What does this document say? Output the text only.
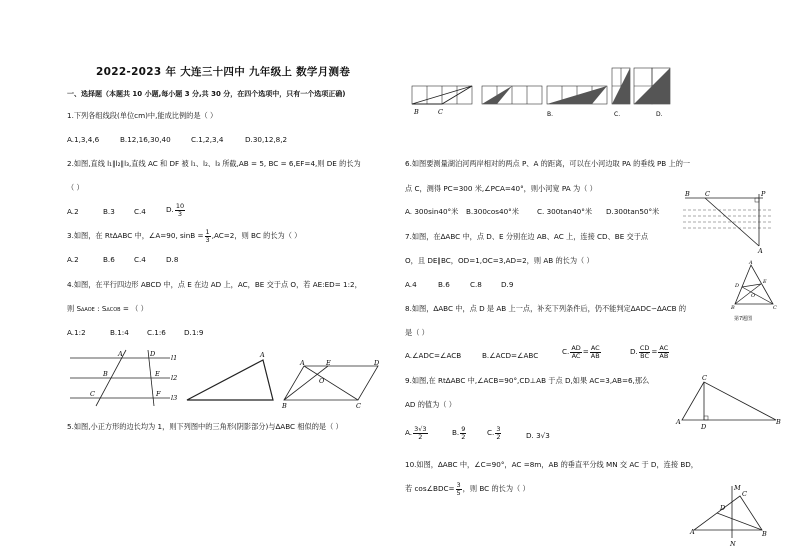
2022-2023 年 大连三十四中 九年级上 数学月测卷
一、选择题（本题共 10 小题,每小题 3 分,共 30 分，在四个选项中，只有一个选项正确)
1.下列各组线段(单位cm)中,能成比例的是（ ）
A.1,3,4,6	B.12,16,30,40	C.1,2,3,4	D.30,12,8,2
2.如图,直线 l₁∥l₂∥l₃,直线 AC 和 DF 被 l₁、l₂、l₃ 所截,AB = 5, BC = 6,EF=4,则 DE 的长为
（ ）
A.2	B.3	C.4	D. $\frac{10}{3}$
3.如图，在 Rt∆ABC 中，∠A=90, $\sin B = \frac{1}{3} ,AC=2$，则 BC 的长为（ ）
A.2	B.6	C.4	D.8
4.如图，在平行四边形 ABCD 中，点 E 在边 AD 上，AC，BE 交于点 O，若 AE:ED= 1:2，
则 S∆AOE : S∆COB = （ ）
A.1:2	B.1:4	C.1:6	D.1:9
A	D
B	E
C	F
l1
l2
l3
A
A	E	D
O
B	C
5.如图,小正方形的边长均为 1，则下列图中的三角形(阴影部分)与∆ABC 相似的是（ ）
B	C	B.	C.	D.
6.如图要测量湖泊河两岸相对的两点 P、A 的距离，可以在小河边取 PA 的垂线 PB 上的一
点 C，测得 PC=300 米,∠PCA=40°，则小河宽 PA 为（ ）
A. 300sin40°米 B.300cos40°米	C. 300tan40°米 D.300tan50°米
B C	P
A
7.如图，在∆ABC 中，点 D、E 分别在边 AB、AC 上，连接 CD、BE 交于点
O，且 DE∥BC，OD=1,OC=3,AD=2，则 AB 的长为（ ）
A.4	B.6	C.8	D.9
A
D
E
O
B	C
第7题图
8.如图，∆ABC 中，点 D 是 AB 上一点，补充下列条件后，仍不能判定∆ADC∽∆ACB 的
是（ ）
A.∠ADC=∠ACB	B.∠ACD=∠ABC	C. $\frac{AD}{AC} = \frac{AC}{AB}$	D. $\frac{CD}{BC} = \frac{AC}{AB}$
9.如图,在 Rt∆ABC 中,∠ACB=90°,CD⊥AB 于点 D,如果 AC=3,AB=6,那么
AD 的值为（ ）
A. $\frac{3√3}{2}$	B. $\frac{9}{2}$	C. $\frac{3}{2}$	D. 3√3
C
A
D
B
10.如图，∆ABC 中，∠C=90°，AC =8m，AB 的垂直平分线 MN 交 AC 于 D，连接 BD，
若 cos∠BDC= $\frac{3}{5}$ ，则 BC 的长为（ ）	M
C
D
A
N
B
